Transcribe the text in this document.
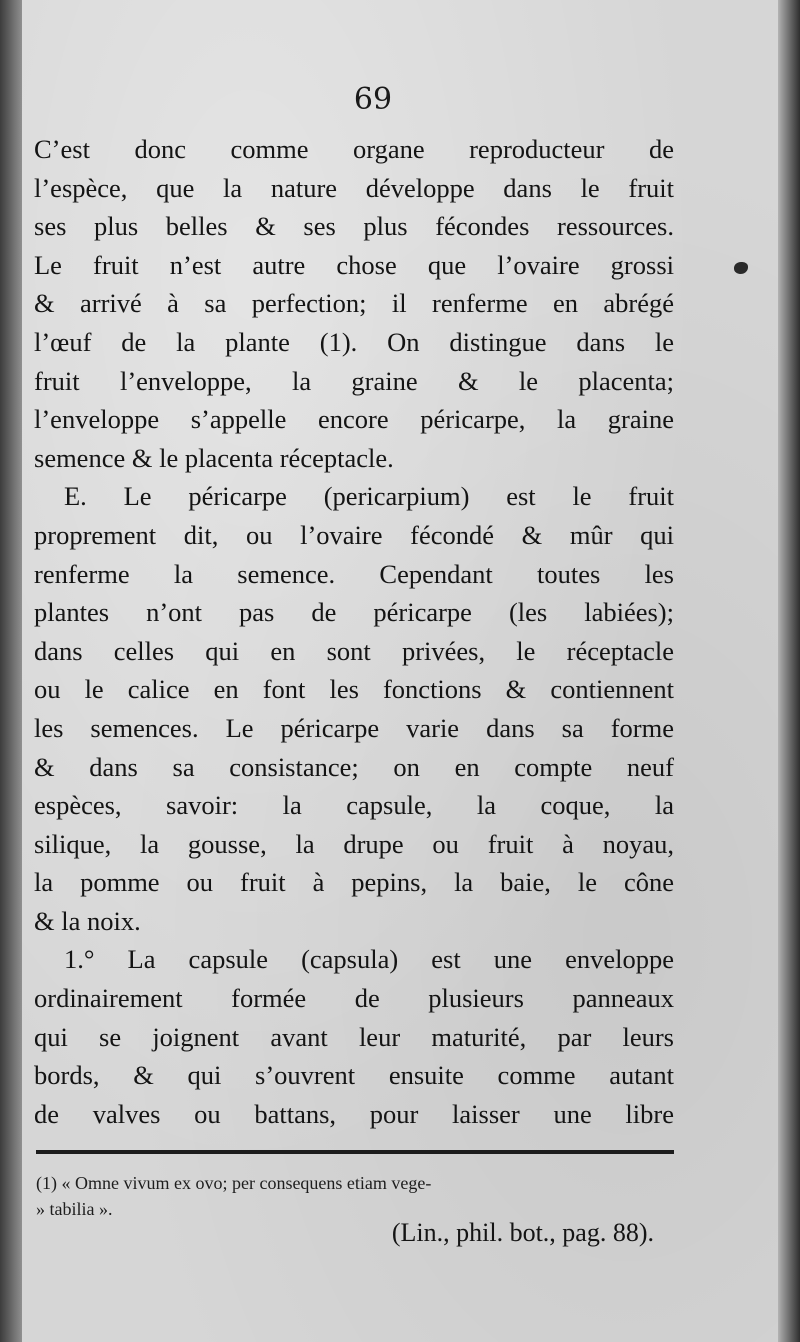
69
C’est donc comme organe reproducteur de
l’espèce, que la nature développe dans le fruit
ses plus belles & ses plus fécondes ressources.
Le fruit n’est autre chose que l’ovaire grossi
& arrivé à sa perfection; il renferme en abrégé
l’œuf de la plante (1). On distingue dans le
fruit l’enveloppe, la graine & le placenta;
l’enveloppe s’appelle encore péricarpe, la graine
semence & le placenta réceptacle.
E. Le péricarpe (pericarpium) est le fruit
proprement dit, ou l’ovaire fécondé & mûr qui
renferme la semence. Cependant toutes les
plantes n’ont pas de péricarpe (les labiées);
dans celles qui en sont privées, le réceptacle
ou le calice en font les fonctions & contiennent
les semences. Le péricarpe varie dans sa forme
& dans sa consistance; on en compte neuf
espèces, savoir: la capsule, la coque, la
silique, la gousse, la drupe ou fruit à noyau,
la pomme ou fruit à pepins, la baie, le cône
& la noix.
1.° La capsule (capsula) est une enveloppe
ordinairement formée de plusieurs panneaux
qui se joignent avant leur maturité, par leurs
bords, & qui s’ouvrent ensuite comme autant
de valves ou battans, pour laisser une libre
(1) « Omne vivum ex ovo; per consequens etiam vege-
» tabilia ».
(Lin., phil. bot., pag. 88).
